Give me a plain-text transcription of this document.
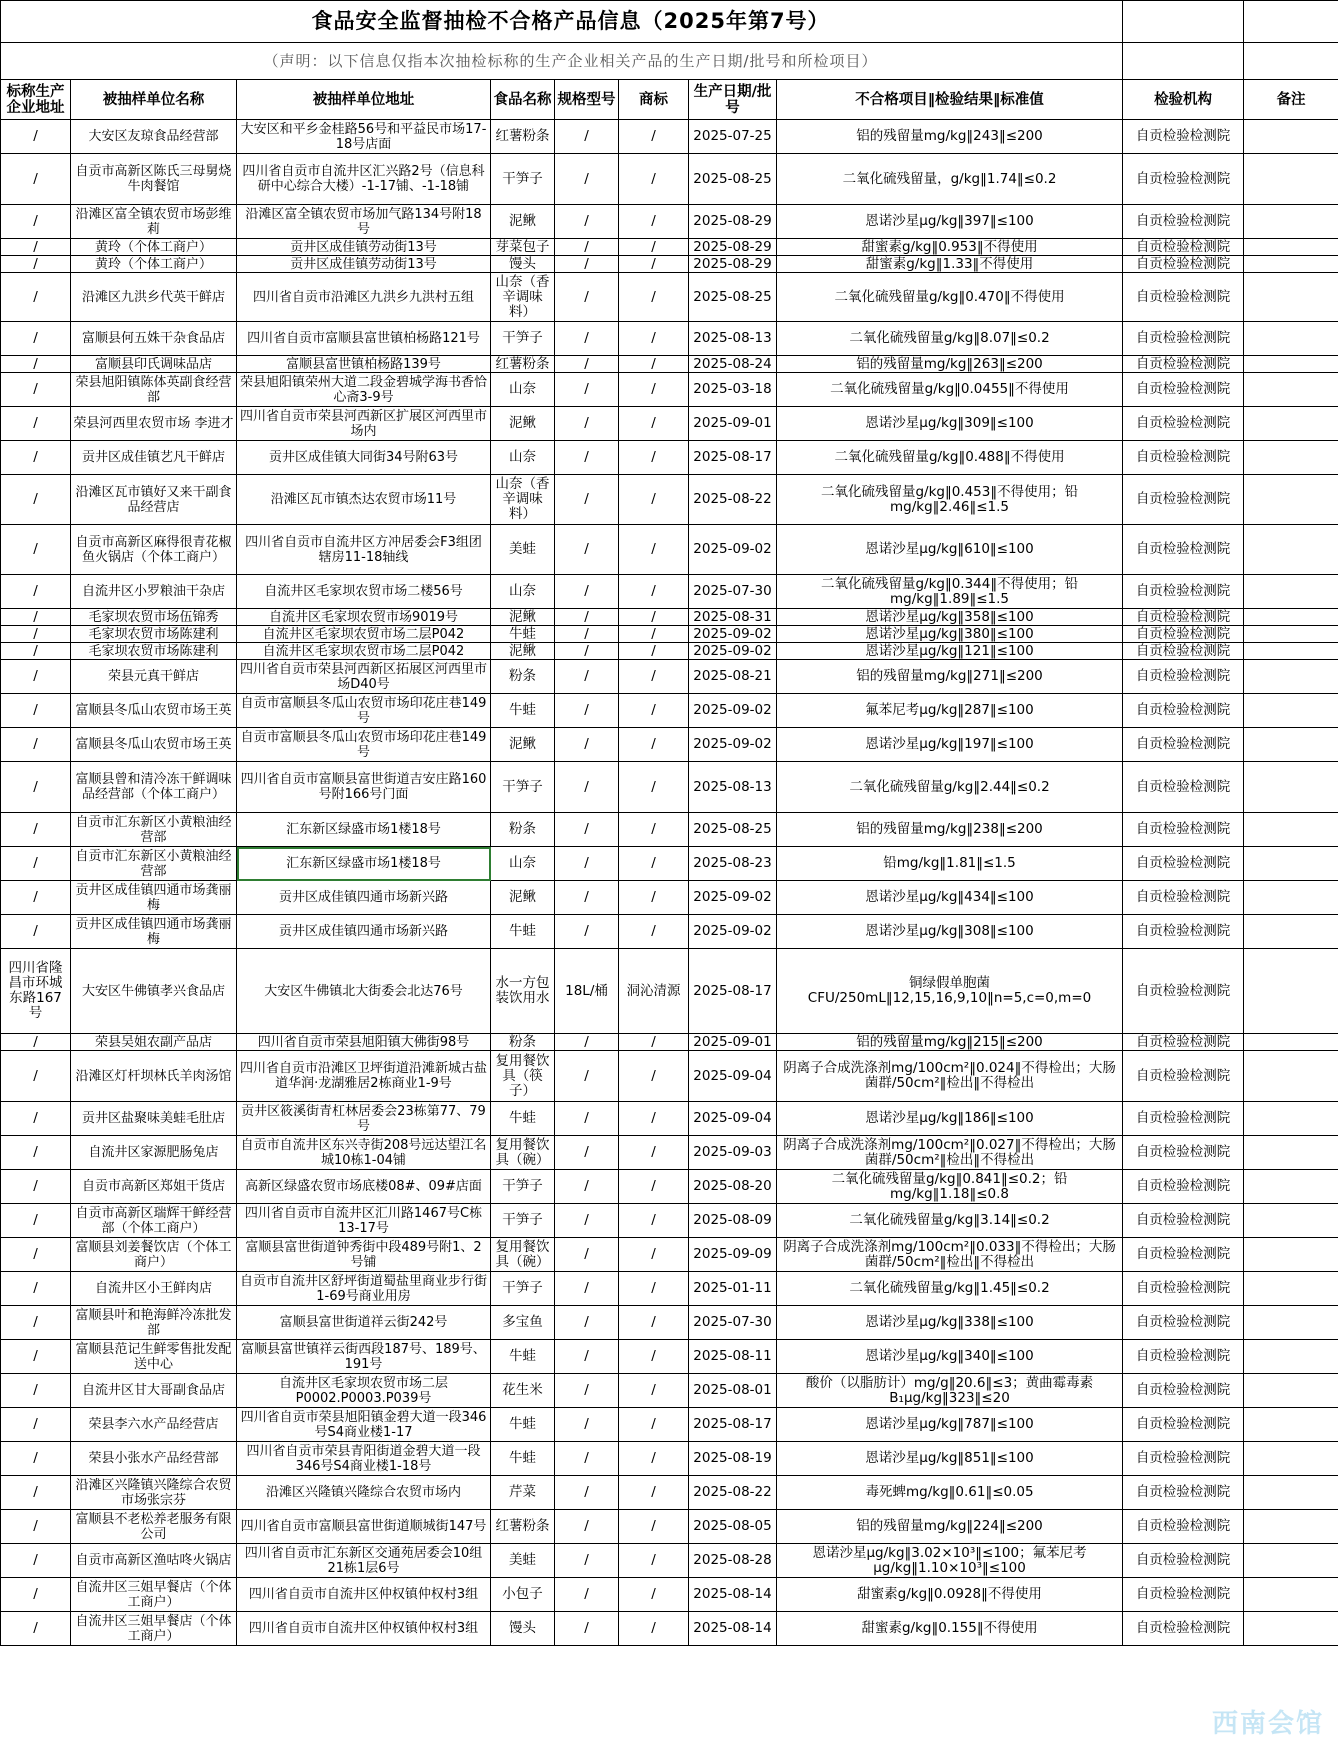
食品安全监督抽检不合格产品信息（2025年第7号）									
（声明：以下信息仅指本次抽检标称的生产企业相关产品的生产日期/批号和所检项目）									
标称生产企业地址	被抽样单位名称	被抽样单位地址	食品名称	规格型号	商标	生产日期/批号	不合格项目‖检验结果‖标准值	检验机构	备注
/	大安区友琼食品经营部	大安区和平乡金桂路56号和平益民市场17-18号店面	红薯粉条	/	/	2025-07-25	铝的残留量mg/kg‖243‖≤200	自贡检验检测院	
/	自贡市高新区陈氏三母舅烧牛肉餐馆	四川省自贡市自流井区汇兴路2号（信息科研中心综合大楼）-1-17铺、-1-18铺	干笋子	/	/	2025-08-25	二氧化硫残留量，g/kg‖1.74‖≤0.2	自贡检验检测院	
/	沿滩区富全镇农贸市场彭维莉	沿滩区富全镇农贸市场加气路134号附18号	泥鳅	/	/	2025-08-29	恩诺沙星μg/kg‖397‖≤100	自贡检验检测院	
/	黄玲（个体工商户）	贡井区成佳镇劳动街13号	芽菜包子	/	/	2025-08-29	甜蜜素g/kg‖0.953‖不得使用	自贡检验检测院	
/	黄玲（个体工商户）	贡井区成佳镇劳动街13号	馒头	/	/	2025-08-29	甜蜜素g/kg‖1.33‖不得使用	自贡检验检测院	
/	沿滩区九洪乡代英干鲜店	四川省自贡市沿滩区九洪乡九洪村五组	山奈（香辛调味料）	/	/	2025-08-25	二氧化硫残留量g/kg‖0.470‖不得使用	自贡检验检测院	
/	富顺县何五姝干杂食品店	四川省自贡市富顺县富世镇柏杨路121号	干笋子	/	/	2025-08-13	二氧化硫残留量g/kg‖8.07‖≤0.2	自贡检验检测院	
/	富顺县印氏调味品店	富顺县富世镇柏杨路139号	红薯粉条	/	/	2025-08-24	铝的残留量mg/kg‖263‖≤200	自贡检验检测院	
/	荣县旭阳镇陈体英副食经营部	荣县旭阳镇荣州大道二段金碧城学海书香恰心斋3-9号	山奈	/	/	2025-03-18	二氧化硫残留量g/kg‖0.0455‖不得使用	自贡检验检测院	
/	荣县河西里农贸市场 李进才	四川省自贡市荣县河西新区扩展区河西里市场内	泥鳅	/	/	2025-09-01	恩诺沙星μg/kg‖309‖≤100	自贡检验检测院	
/	贡井区成佳镇艺凡干鲜店	贡井区成佳镇大同街34号附63号	山奈	/	/	2025-08-17	二氧化硫残留量g/kg‖0.488‖不得使用	自贡检验检测院	
/	沿滩区瓦市镇好又来干副食品经营店	沿滩区瓦市镇杰达农贸市场11号	山奈（香辛调味料）	/	/	2025-08-22	二氧化硫残留量g/kg‖0.453‖不得使用；铅mg/kg‖2.46‖≤1.5	自贡检验检测院	
/	自贡市高新区麻得很青花椒鱼火锅店（个体工商户）	四川省自贡市自流井区方冲居委会F3组团辖房11-18轴线	美蛙	/	/	2025-09-02	恩诺沙星μg/kg‖610‖≤100	自贡检验检测院	
/	自流井区小罗粮油干杂店	自流井区毛家坝农贸市场二楼56号	山奈	/	/	2025-07-30	二氧化硫残留量g/kg‖0.344‖不得使用；铅mg/kg‖1.89‖≤1.5	自贡检验检测院	
/	毛家坝农贸市场伍锦秀	自流井区毛家坝农贸市场9019号	泥鳅	/	/	2025-08-31	恩诺沙星μg/kg‖358‖≤100	自贡检验检测院	
/	毛家坝农贸市场陈建利	自流井区毛家坝农贸市场二层P042	牛蛙	/	/	2025-09-02	恩诺沙星μg/kg‖380‖≤100	自贡检验检测院	
/	毛家坝农贸市场陈建利	自流井区毛家坝农贸市场二层P042	泥鳅	/	/	2025-09-02	恩诺沙星μg/kg‖121‖≤100	自贡检验检测院	
/	荣县元真干鲜店	四川省自贡市荣县河西新区拓展区河西里市场D40号	粉条	/	/	2025-08-21	铝的残留量mg/kg‖271‖≤200	自贡检验检测院	
/	富顺县冬瓜山农贸市场王英	自贡市富顺县冬瓜山农贸市场印花庄巷149号	牛蛙	/	/	2025-09-02	氟苯尼考μg/kg‖287‖≤100	自贡检验检测院	
/	富顺县冬瓜山农贸市场王英	自贡市富顺县冬瓜山农贸市场印花庄巷149号	泥鳅	/	/	2025-09-02	恩诺沙星μg/kg‖197‖≤100	自贡检验检测院	
/	富顺县曾和清冷冻干鲜调味品经营部（个体工商户）	四川省自贡市富顺县富世街道吉安庄路160号附166号门面	干笋子	/	/	2025-08-13	二氧化硫残留量g/kg‖2.44‖≤0.2	自贡检验检测院	
/	自贡市汇东新区小黄粮油经营部	汇东新区绿盛市场1楼18号	粉条	/	/	2025-08-25	铝的残留量mg/kg‖238‖≤200	自贡检验检测院	
/	自贡市汇东新区小黄粮油经营部	汇东新区绿盛市场1楼18号	山奈	/	/	2025-08-23	铅mg/kg‖1.81‖≤1.5	自贡检验检测院	
/	贡井区成佳镇四通市场龚丽梅	贡井区成佳镇四通市场新兴路	泥鳅	/	/	2025-09-02	恩诺沙星μg/kg‖434‖≤100	自贡检验检测院	
/	贡井区成佳镇四通市场龚丽梅	贡井区成佳镇四通市场新兴路	牛蛙	/	/	2025-09-02	恩诺沙星μg/kg‖308‖≤100	自贡检验检测院	
四川省隆昌市环城东路167号	大安区牛佛镇孝兴食品店	大安区牛佛镇北大街委会北达76号	水一方包装饮用水	18L/桶	洞沁清源	2025-08-17	铜绿假单胞菌CFU/250mL‖12,15,16,9,10‖n=5,c=0,m=0	自贡检验检测院	
/	荣县吴姐农副产品店	四川省自贡市荣县旭阳镇大佛街98号	粉条	/	/	2025-09-01	铝的残留量mg/kg‖215‖≤200	自贡检验检测院	
/	沿滩区灯杆坝林氏羊肉汤馆	四川省自贡市沿滩区卫坪街道沿滩新城古盐道华润·龙湖雅居2栋商业1-9号	复用餐饮具（筷子）	/	/	2025-09-04	阴离子合成洗涤剂mg/100cm²‖0.024‖不得检出；大肠菌群/50cm²‖检出‖不得检出	自贡检验检测院	
/	贡井区盐聚味美蛙毛肚店	贡井区筱溪街青杠林居委会23栋第77、79号	牛蛙	/	/	2025-09-04	恩诺沙星μg/kg‖186‖≤100	自贡检验检测院	
/	自流井区家源肥肠兔店	自贡市自流井区东兴寺街208号远达望江名城10栋1-04铺	复用餐饮具（碗）	/	/	2025-09-03	阴离子合成洗涤剂mg/100cm²‖0.027‖不得检出；大肠菌群/50cm²‖检出‖不得检出	自贡检验检测院	
/	自贡市高新区郑姐干货店	高新区绿盛农贸市场底楼08#、09#店面	干笋子	/	/	2025-08-20	二氧化硫残留量g/kg‖0.841‖≤0.2；铅mg/kg‖1.18‖≤0.8	自贡检验检测院	
/	自贡市高新区瑞辉干鲜经营部（个体工商户）	四川省自贡市自流井区汇川路1467号C栋13-17号	干笋子	/	/	2025-08-09	二氧化硫残留量g/kg‖3.14‖≤0.2	自贡检验检测院	
/	富顺县刘姜餐饮店（个体工商户）	富顺县富世街道钟秀街中段489号附1、2号铺	复用餐饮具（碗）	/	/	2025-09-09	阴离子合成洗涤剂mg/100cm²‖0.033‖不得检出；大肠菌群/50cm²‖检出‖不得检出	自贡检验检测院	
/	自流井区小王鲜肉店	自贡市自流井区舒坪街道蜀盐里商业步行街1-69号商业用房	干笋子	/	/	2025-01-11	二氧化硫残留量g/kg‖1.45‖≤0.2	自贡检验检测院	
/	富顺县叶和艳海鲜冷冻批发部	富顺县富世街道祥云街242号	多宝鱼	/	/	2025-07-30	恩诺沙星μg/kg‖338‖≤100	自贡检验检测院	
/	富顺县范记生鲜零售批发配送中心	富顺县富世镇祥云街西段187号、189号、191号	牛蛙	/	/	2025-08-11	恩诺沙星μg/kg‖340‖≤100	自贡检验检测院	
/	自流井区甘大哥副食品店	自流井区毛家坝农贸市场二层P0002.P0003.P039号	花生米	/	/	2025-08-01	酸价（以脂肪计）mg/g‖20.6‖≤3；黄曲霉毒素B₁μg/kg‖323‖≤20	自贡检验检测院	
/	荣县李六水产品经营店	四川省自贡市荣县旭阳镇金碧大道一段346号S4商业楼1-17	牛蛙	/	/	2025-08-17	恩诺沙星μg/kg‖787‖≤100	自贡检验检测院	
/	荣县小张水产品经营部	四川省自贡市荣县青阳街道金碧大道一段346号S4商业楼1-18号	牛蛙	/	/	2025-08-19	恩诺沙星μg/kg‖851‖≤100	自贡检验检测院	
/	沿滩区兴隆镇兴隆综合农贸市场张宗芬	沿滩区兴隆镇兴隆综合农贸市场内	芹菜	/	/	2025-08-22	毒死蜱mg/kg‖0.61‖≤0.05	自贡检验检测院	
/	富顺县不老松养老服务有限公司	四川省自贡市富顺县富世街道顺城街147号	红薯粉条	/	/	2025-08-05	铝的残留量mg/kg‖224‖≤200	自贡检验检测院	
/	自贡市高新区渔咕咚火锅店	四川省自贡市汇东新区交通苑居委会10组21栋1层6号	美蛙	/	/	2025-08-28	恩诺沙星μg/kg‖3.02×10³‖≤100；氟苯尼考μg/kg‖1.10×10³‖≤100	自贡检验检测院	
/	自流井区三姐早餐店（个体工商户）	四川省自贡市自流井区仲权镇仲权村3组	小包子	/	/	2025-08-14	甜蜜素g/kg‖0.0928‖不得使用	自贡检验检测院	
/	自流井区三姐早餐店（个体工商户）	四川省自贡市自流井区仲权镇仲权村3组	馒头	/	/	2025-08-14	甜蜜素g/kg‖0.155‖不得使用	自贡检验检测院	
西南会馆
